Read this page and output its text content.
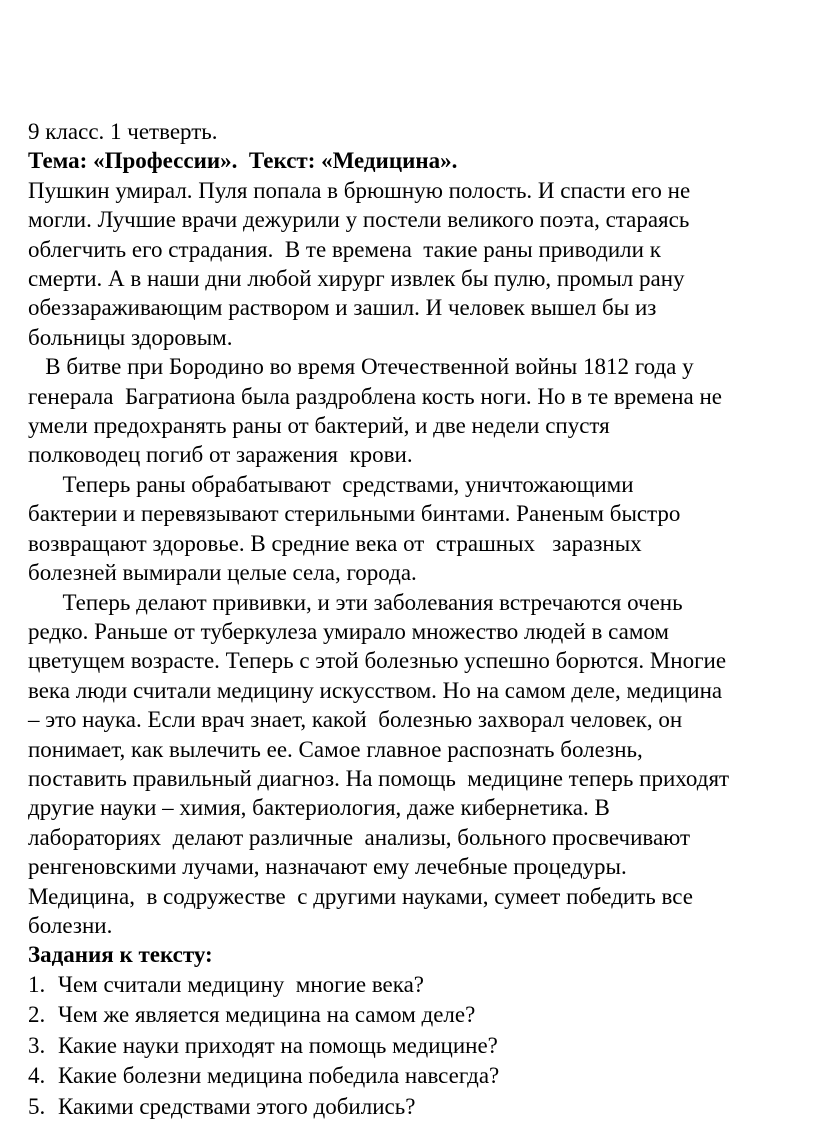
9 класс. 1 четверть.
Тема: «Профессии».  Текст: «Медицина».
Пушкин умирал. Пуля попала в брюшную полость. И спасти его не
могли. Лучшие врачи дежурили у постели великого поэта, стараясь
облегчить его страдания.  В те времена  такие раны приводили к
смерти. А в наши дни любой хирург извлек бы пулю, промыл рану
обеззараживающим раствором и зашил. И человек вышел бы из
больницы здоровым.
В битве при Бородино во время Отечественной войны 1812 года у
генерала  Багратиона была раздроблена кость ноги. Но в те времена не
умели предохранять раны от бактерий, и две недели спустя
полководец погиб от заражения  крови.
Теперь раны обрабатывают  средствами, уничтожающими
бактерии и перевязывают стерильными бинтами. Раненым быстро
возвращают здоровье. В средние века от  страшных   заразных
болезней вымирали целые села, города.
Теперь делают прививки, и эти заболевания встречаются очень
редко. Раньше от туберкулеза умирало множество людей в самом
цветущем возрасте. Теперь с этой болезнью успешно борются. Многие
века люди считали медицину искусством. Но на самом деле, медицина
– это наука. Если врач знает, какой  болезнью захворал человек, он
понимает, как вылечить ее. Самое главное распознать болезнь,
поставить правильный диагноз. На помощь  медицине теперь приходят
другие науки – химия, бактериология, даже кибернетика. В
лабораториях  делают различные  анализы, больного просвечивают
ренгеновскими лучами, назначают ему лечебные процедуры.
Медицина,  в содружестве  с другими науками, сумеет победить все
болезни.
Задания к тексту:
1. Чем считали медицину  многие века?
2. Чем же является медицина на самом деле?
3. Какие науки приходят на помощь медицине?
4. Какие болезни медицина победила навсегда?
5. Какими средствами этого добились?
